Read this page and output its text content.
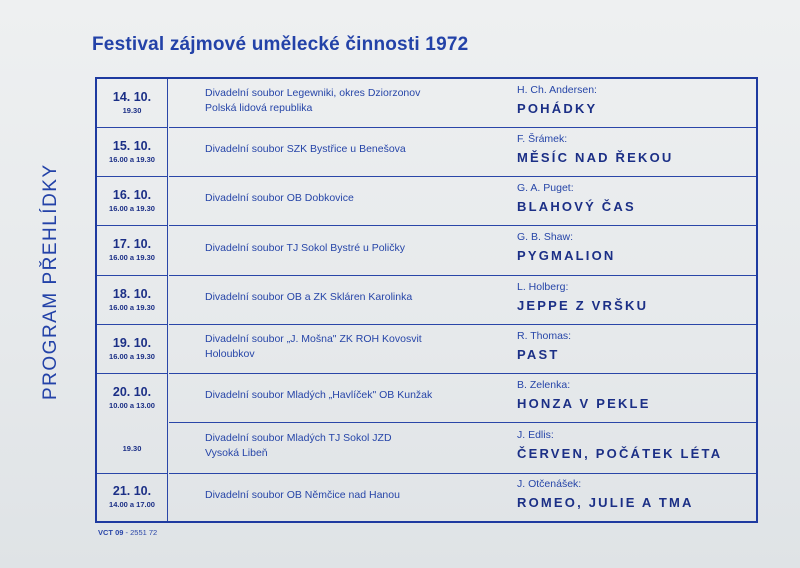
Festival zájmové umělecké činnosti 1972
PROGRAM PŘEHLÍDKY
14. 10.
19.30
Divadelní soubor Legewniki, okres Dziorzonov
Polská lidová republika
H. Ch. Andersen:
POHÁDKY
15. 10.
16.00 a 19.30
Divadelní soubor SZK Bystřice u Benešova
F. Šrámek:
MĚSÍC NAD ŘEKOU
16. 10.
16.00 a 19.30
Divadelní soubor OB Dobkovice
G. A. Puget:
BLAHOVÝ ČAS
17. 10.
16.00 a 19.30
Divadelní soubor TJ Sokol Bystré u Poličky
G. B. Shaw:
PYGMALION
18. 10.
16.00 a 19.30
Divadelní soubor OB a ZK Skláren Karolinka
L. Holberg:
JEPPE Z VRŠKU
19. 10.
16.00 a 19.30
Divadelní soubor „J. Mošna" ZK ROH Kovosvit
Holoubkov
R. Thomas:
PAST
20. 10.
10.00 a 13.00
Divadelní soubor Mladých „Havlíček" OB Kunžak
B. Zelenka:
HONZA V PEKLE
19.30
Divadelní soubor Mladých TJ Sokol JZD
Vysoká Libeň
J. Edlis:
ČERVEN, POČÁTEK LÉTA
21. 10.
14.00 a 17.00
Divadelní soubor OB Němčice nad Hanou
J. Otčenášek:
ROMEO, JULIE A TMA
VCT 09 - 2551 72
